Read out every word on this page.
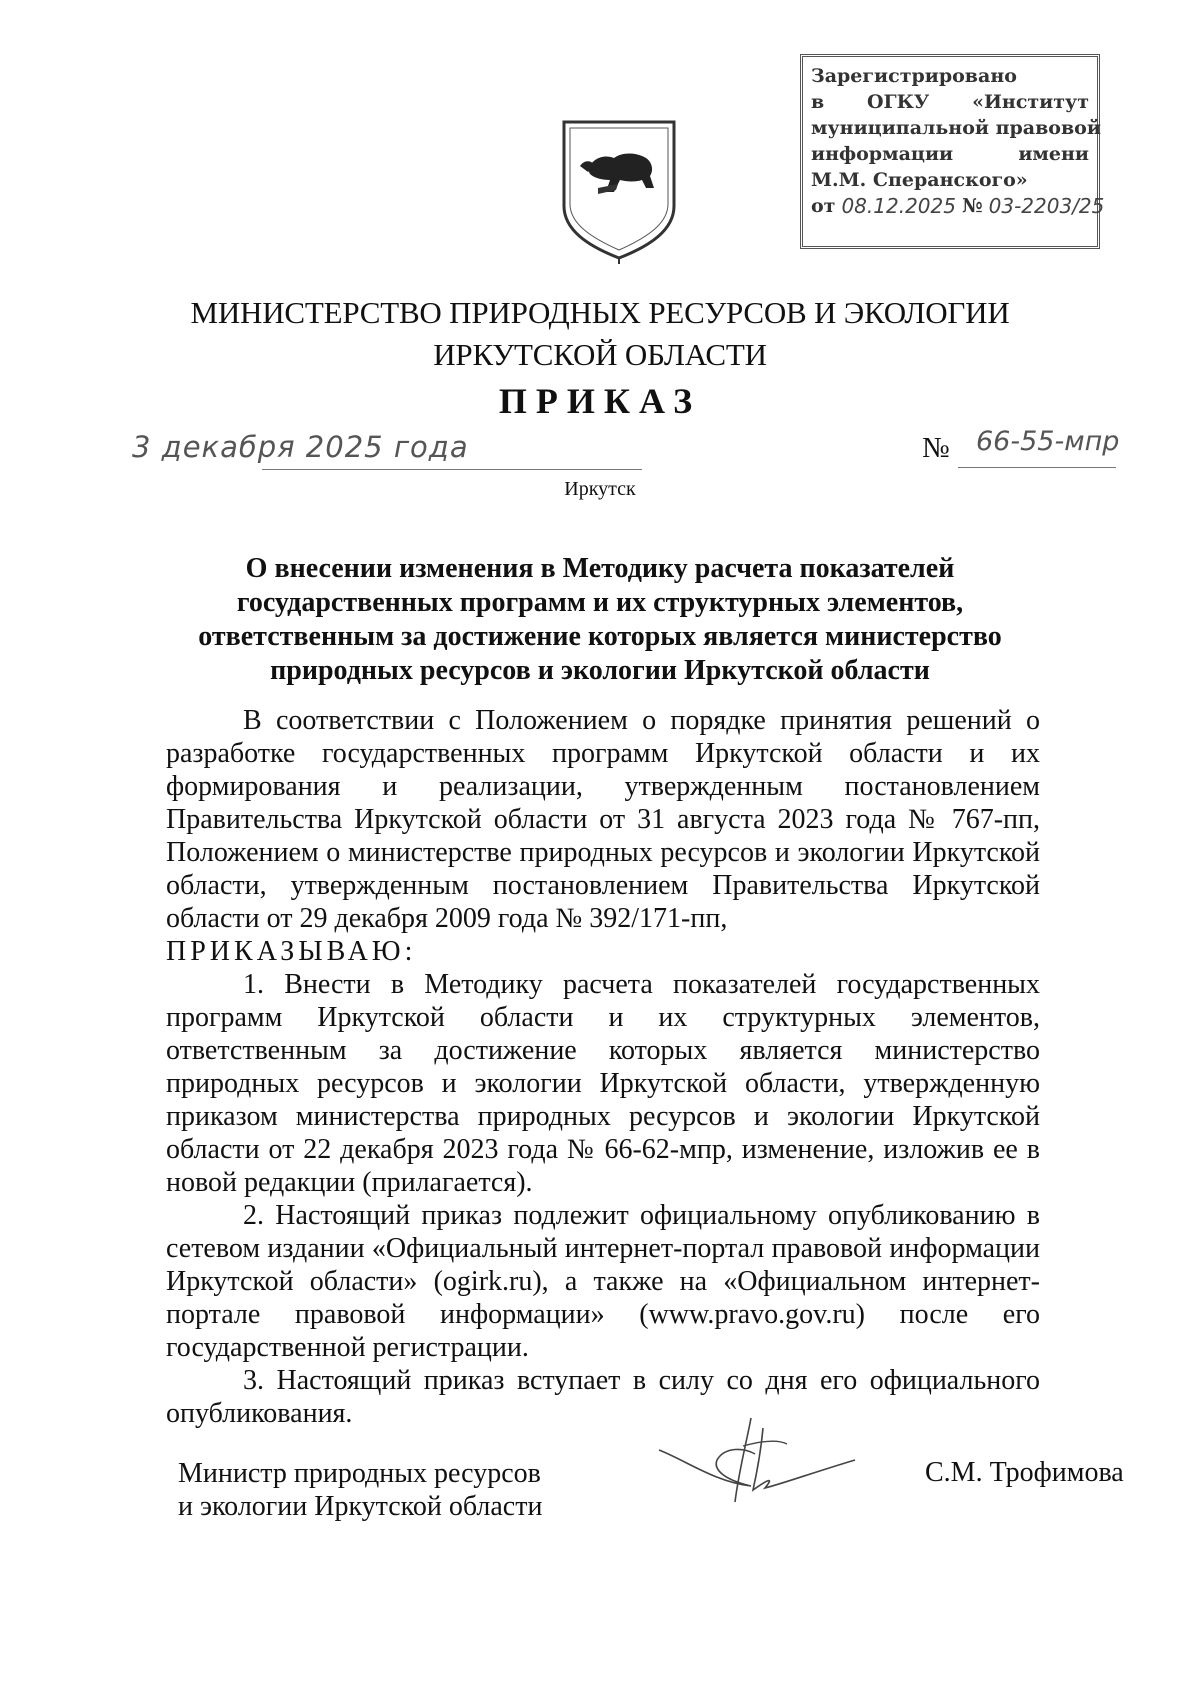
Зарегистрировано
в ОГКУ «Институт
муниципальной правовой
информации	имени
М.М. Сперанского»
от 08.12.2025 № 03-2203/25
МИНИСТЕРСТВО ПРИРОДНЫХ РЕСУРСОВ И ЭКОЛОГИИ
ИРКУТСКОЙ ОБЛАСТИ
ПРИКАЗ
3 декабря 2025 года	№ 66-55-мпр
Иркутск
О внесении изменения в Методику расчета показателей государственных программ и их структурных элементов, ответственным за достижение которых является министерство природных ресурсов и экологии Иркутской области

В соответствии с Положением о порядке принятия решений о разработке государственных программ Иркутской области и их формирования и реализации, утвержденным постановлением Правительства Иркутской области от 31 августа 2023 года № 767-пп, Положением о министерстве природных ресурсов и экологии Иркутской области, утвержденным постановлением Правительства Иркутской области от 29 декабря 2009 года № 392/171-пп,

ПРИКАЗЫВАЮ:

1. Внести в Методику расчета показателей государственных программ Иркутской области и их структурных элементов, ответственным за достижение которых является министерство природных ресурсов и экологии Иркутской области, утвержденную приказом министерства природных ресурсов и экологии Иркутской области от 22 декабря 2023 года № 66-62-мпр, изменение, изложив ее в новой редакции (прилагается).

2. Настоящий приказ подлежит официальному опубликованию в сетевом издании «Официальный интернет-портал правовой информации Иркутской области» (ogirk.ru), а также на «Официальном интернет-портале правовой информации» (www.pravo.gov.ru) после его государственной регистрации.

3. Настоящий приказ вступает в силу со дня его официального опубликования.

Министр природных ресурсов
и экологии Иркутской области
С.М. Трофимова
